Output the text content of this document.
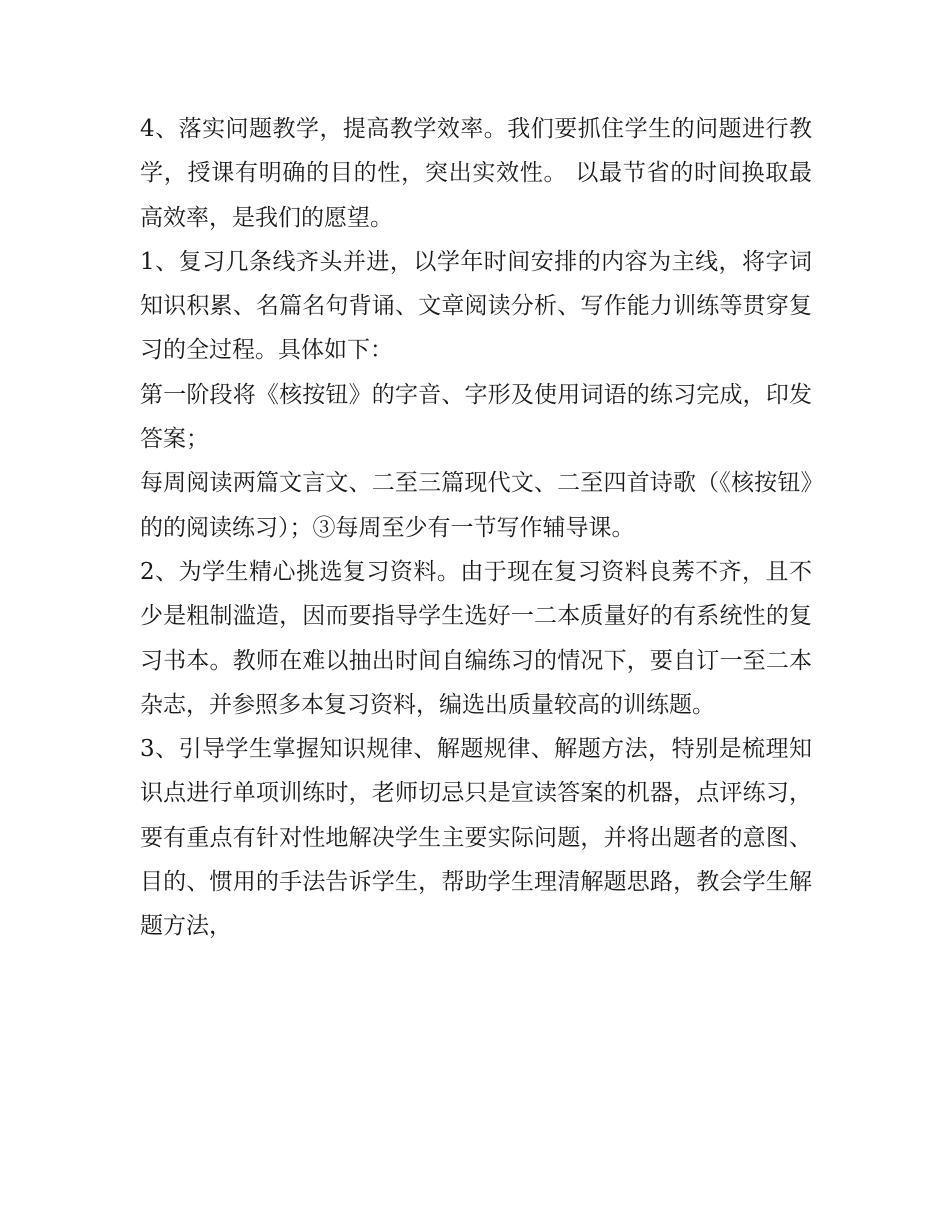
4、落实问题教学，提高教学效率。我们要抓住学生的问题进行教学，授课有明确的目的性，突出实效性。 以最节省的时间换取最高效率，是我们的愿望。

1、复习几条线齐头并进，以学年时间安排的内容为主线，将字词知识积累、名篇名句背诵、文章阅读分析、写作能力训练等贯穿复习的全过程。具体如下：

第一阶段将《核按钮》的字音、字形及使用词语的练习完成，印发答案；

每周阅读两篇文言文、二至三篇现代文、二至四首诗歌（《核按钮》的的阅读练习）；③每周至少有一节写作辅导课。

2、为学生精心挑选复习资料。由于现在复习资料良莠不齐，且不少是粗制滥造，因而要指导学生选好一二本质量好的有系统性的复习书本。教师在难以抽出时间自编练习的情况下，要自订一至二本杂志，并参照多本复习资料，编选出质量较高的训练题。

3、引导学生掌握知识规律、解题规律、解题方法，特别是梳理知识点进行单项训练时，老师切忌只是宣读答案的机器，点评练习，要有重点有针对性地解决学生主要实际问题，并将出题者的意图、目的、惯用的手法告诉学生，帮助学生理清解题思路，教会学生解题方法，
